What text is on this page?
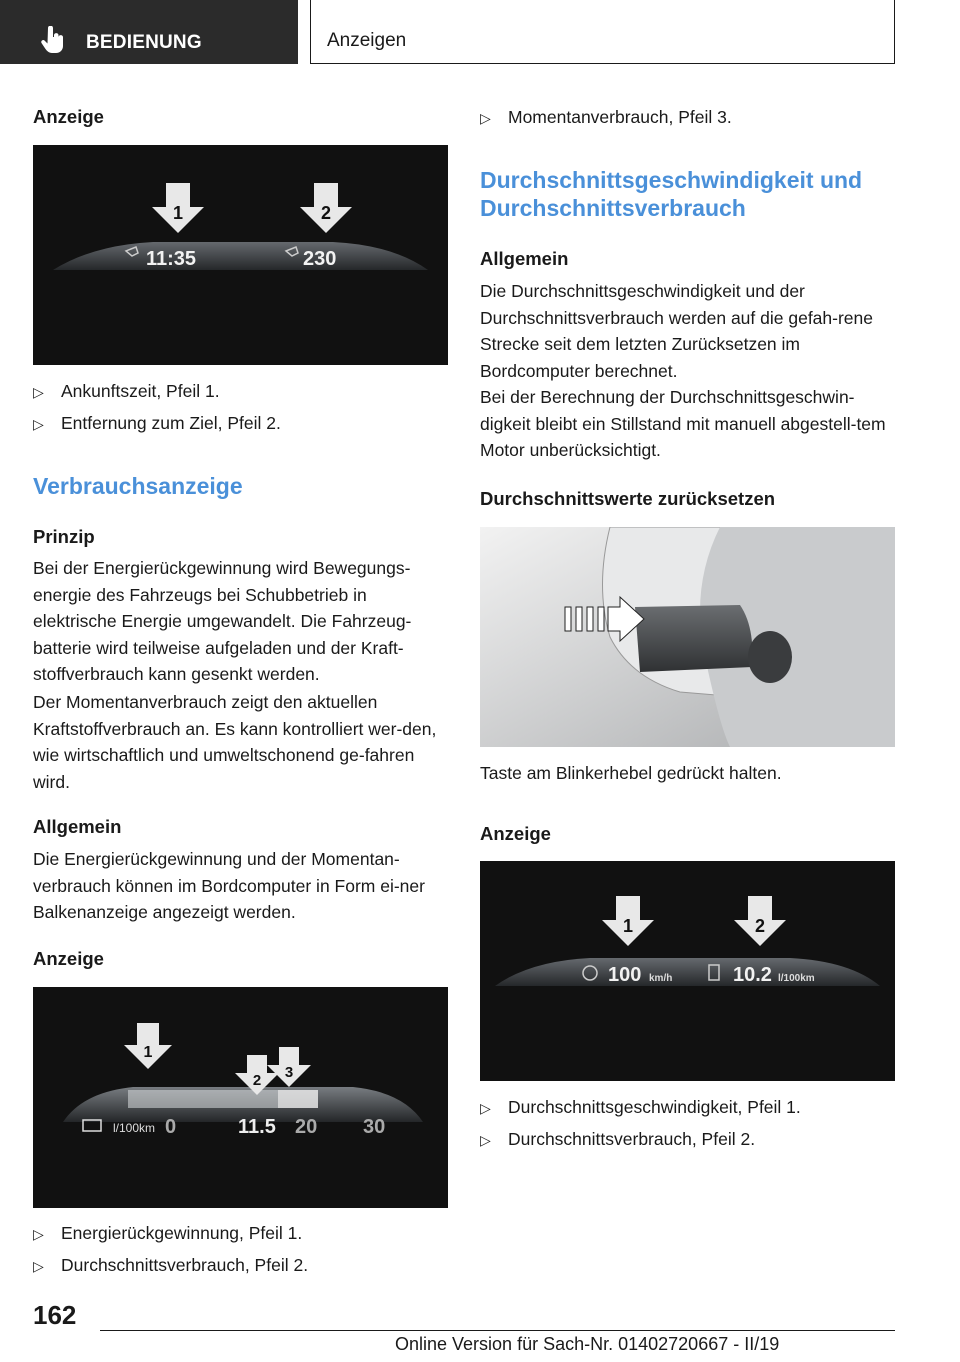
BEDIENUNG	Anzeigen

Anzeige

1	2
11:35	230
▷ Ankunftszeit, Pfeil 1.
▷ Entfernung zum Ziel, Pfeil 2.
Verbrauchsanzeige

Prinzip

Bei der Energierückgewinnung wird Bewegungs-energie des Fahrzeugs bei Schubbetrieb in elektrische Energie umgewandelt. Die Fahrzeug-batterie wird teilweise aufgeladen und der Kraft-stoffverbrauch kann gesenkt werden.

Der Momentanverbrauch zeigt den aktuellen Kraftstoffverbrauch an. Es kann kontrolliert wer-den, wie wirtschaftlich und umweltschonend ge-fahren wird.

Allgemein

Die Energierückgewinnung und der Momentan-verbrauch können im Bordcomputer in Form ei-ner Balkenanzeige angezeigt werden.

Anzeige

1
2 3
l/100km 0	11.5 20 30
▷ Energierückgewinnung, Pfeil 1.
▷ Durchschnittsverbrauch, Pfeil 2.
▷ Momentanverbrauch, Pfeil 3.
Durchschnittsgeschwindigkeit und Durchschnittsverbrauch

Allgemein

Die Durchschnittsgeschwindigkeit und der Durchschnittsverbrauch werden auf die gefah-rene Strecke seit dem letzten Zurücksetzen im Bordcomputer berechnet.

Bei der Berechnung der Durchschnittsgeschwin-digkeit bleibt ein Stillstand mit manuell abgestell-tem Motor unberücksichtigt.

Durchschnittswerte zurücksetzen

Taste am Blinkerhebel gedrückt halten.

Anzeige

1	2
100 km/h	10.2 l/100km
▷ Durchschnittsgeschwindigkeit, Pfeil 1.
▷ Durchschnittsverbrauch, Pfeil 2.
162
Online Version für Sach-Nr. 01402720667 - II/19
